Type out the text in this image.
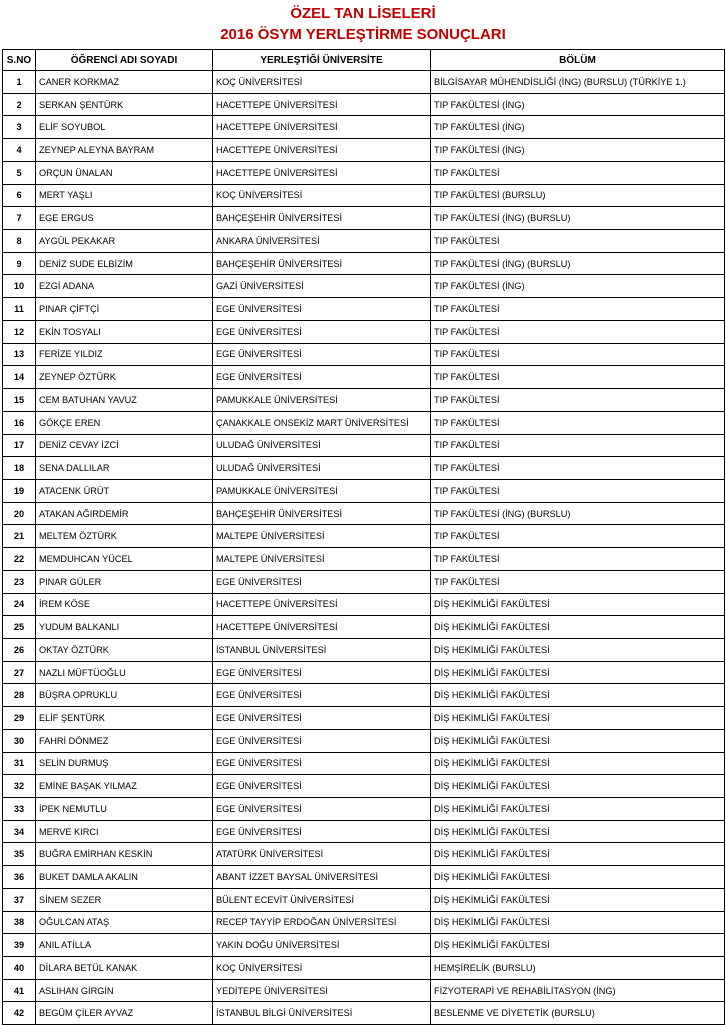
ÖZEL TAN LİSELERİ
2016 ÖSYM YERLEŞTİRME SONUÇLARI
S.NO	ÖĞRENCİ ADI SOYADI	YERLEŞTİĞİ ÜNİVERSİTE	BÖLÜM
1	CANER KORKMAZ	KOÇ ÜNİVERSİTESİ	BİLGİSAYAR MÜHENDİSLİĞİ (İNG) (BURSLU) (TÜRKİYE 1.)
2	SERKAN ŞENTÜRK	HACETTEPE ÜNİVERSİTESİ	TIP FAKÜLTESİ (İNG)
3	ELİF SOYUBOL	HACETTEPE ÜNİVERSİTESİ	TIP FAKÜLTESİ (İNG)
4	ZEYNEP ALEYNA BAYRAM	HACETTEPE ÜNİVERSİTESİ	TIP FAKÜLTESİ (İNG)
5	ORÇUN ÜNALAN	HACETTEPE ÜNİVERSİTESİ	TIP FAKÜLTESİ
6	MERT YAŞLI	KOÇ ÜNİVERSİTESİ	TIP FAKÜLTESİ (BURSLU)
7	EGE ERGUS	BAHÇEŞEHİR ÜNİVERSİTESİ	TIP FAKÜLTESİ (İNG) (BURSLU)
8	AYGÜL PEKAKAR	ANKARA ÜNİVERSİTESİ	TIP FAKÜLTESİ
9	DENİZ SUDE ELBİZİM	BAHÇEŞEHİR ÜNİVERSİTESİ	TIP FAKÜLTESİ (İNG) (BURSLU)
10	EZGİ ADANA	GAZİ ÜNİVERSİTESİ	TIP FAKÜLTESİ (İNG)
11	PINAR ÇİFTÇİ	EGE ÜNİVERSİTESİ	TIP FAKÜLTESİ
12	EKİN TOSYALI	EGE ÜNİVERSİTESİ	TIP FAKÜLTESİ
13	FERİZE YILDIZ	EGE ÜNİVERSİTESİ	TIP FAKÜLTESİ
14	ZEYNEP ÖZTÜRK	EGE ÜNİVERSİTESİ	TIP FAKÜLTESİ
15	CEM BATUHAN YAVUZ	PAMUKKALE ÜNİVERSİTESİ	TIP FAKÜLTESİ
16	GÖKÇE EREN	ÇANAKKALE ONSEKİZ MART ÜNİVERSİTESİ	TIP FAKÜLTESİ
17	DENİZ CEVAY İZCİ	ULUDAĞ ÜNİVERSİTESİ	TIP FAKÜLTESİ
18	SENA DALLILAR	ULUDAĞ ÜNİVERSİTESİ	TIP FAKÜLTESİ
19	ATACENK ÜRÜT	PAMUKKALE ÜNİVERSİTESİ	TIP FAKÜLTESİ
20	ATAKAN AĞIRDEMİR	BAHÇEŞEHİR ÜNİVERSİTESİ	TIP FAKÜLTESİ (İNG) (BURSLU)
21	MELTEM ÖZTÜRK	MALTEPE ÜNİVERSİTESİ	TIP FAKÜLTESİ
22	MEMDUHCAN YÜCEL	MALTEPE ÜNİVERSİTESİ	TIP FAKÜLTESİ
23	PINAR GÜLER	EGE ÜNİVERSİTESİ	TIP FAKÜLTESİ
24	İREM KÖSE	HACETTEPE ÜNİVERSİTESİ	DİŞ HEKİMLİĞİ FAKÜLTESİ
25	YUDUM BALKANLI	HACETTEPE ÜNİVERSİTESİ	DİŞ HEKİMLİĞİ FAKÜLTESİ
26	OKTAY ÖZTÜRK	İSTANBUL ÜNİVERSİTESİ	DİŞ HEKİMLİĞİ FAKÜLTESİ
27	NAZLI MÜFTÜOĞLU	EGE ÜNİVERSİTESİ	DİŞ HEKİMLİĞİ FAKÜLTESİ
28	BÜŞRA OPRUKLU	EGE ÜNİVERSİTESİ	DİŞ HEKİMLİĞİ FAKÜLTESİ
29	ELİF ŞENTÜRK	EGE ÜNİVERSİTESİ	DİŞ HEKİMLİĞİ FAKÜLTESİ
30	FAHRİ DÖNMEZ	EGE ÜNİVERSİTESİ	DİŞ HEKİMLİĞİ FAKÜLTESİ
31	SELİN DURMUŞ	EGE ÜNİVERSİTESİ	DİŞ HEKİMLİĞİ FAKÜLTESİ
32	EMİNE BAŞAK YILMAZ	EGE ÜNİVERSİTESİ	DİŞ HEKİMLİĞİ FAKÜLTESİ
33	İPEK NEMUTLU	EGE ÜNİVERSİTESİ	DİŞ HEKİMLİĞİ FAKÜLTESİ
34	MERVE KIRCI	EGE ÜNİVERSİTESİ	DİŞ HEKİMLİĞİ FAKÜLTESİ
35	BUĞRA EMİRHAN KESKİN	ATATÜRK ÜNİVERSİTESİ	DİŞ HEKİMLİĞİ FAKÜLTESİ
36	BUKET DAMLA AKALIN	ABANT İZZET BAYSAL ÜNİVERSİTESİ	DİŞ HEKİMLİĞİ FAKÜLTESİ
37	SİNEM SEZER	BÜLENT ECEVİT ÜNİVERSİTESİ	DİŞ HEKİMLİĞİ FAKÜLTESİ
38	OĞULCAN ATAŞ	RECEP TAYYİP ERDOĞAN ÜNİVERSİTESİ	DİŞ HEKİMLİĞİ FAKÜLTESİ
39	ANIL ATİLLA	YAKIN DOĞU ÜNİVERSİTESİ	DİŞ HEKİMLİĞİ FAKÜLTESİ
40	DİLARA BETÜL KANAK	KOÇ ÜNİVERSİTESİ	HEMŞİRELİK (BURSLU)
41	ASLIHAN GİRGİN	YEDİTEPE ÜNİVERSİTESİ	FİZYOTERAPİ VE REHABİLİTASYON (İNG)
42	BEGÜM ÇİLER AYVAZ	İSTANBUL BİLGİ ÜNİVERSİTESİ	BESLENME VE DİYETETİK (BURSLU)
